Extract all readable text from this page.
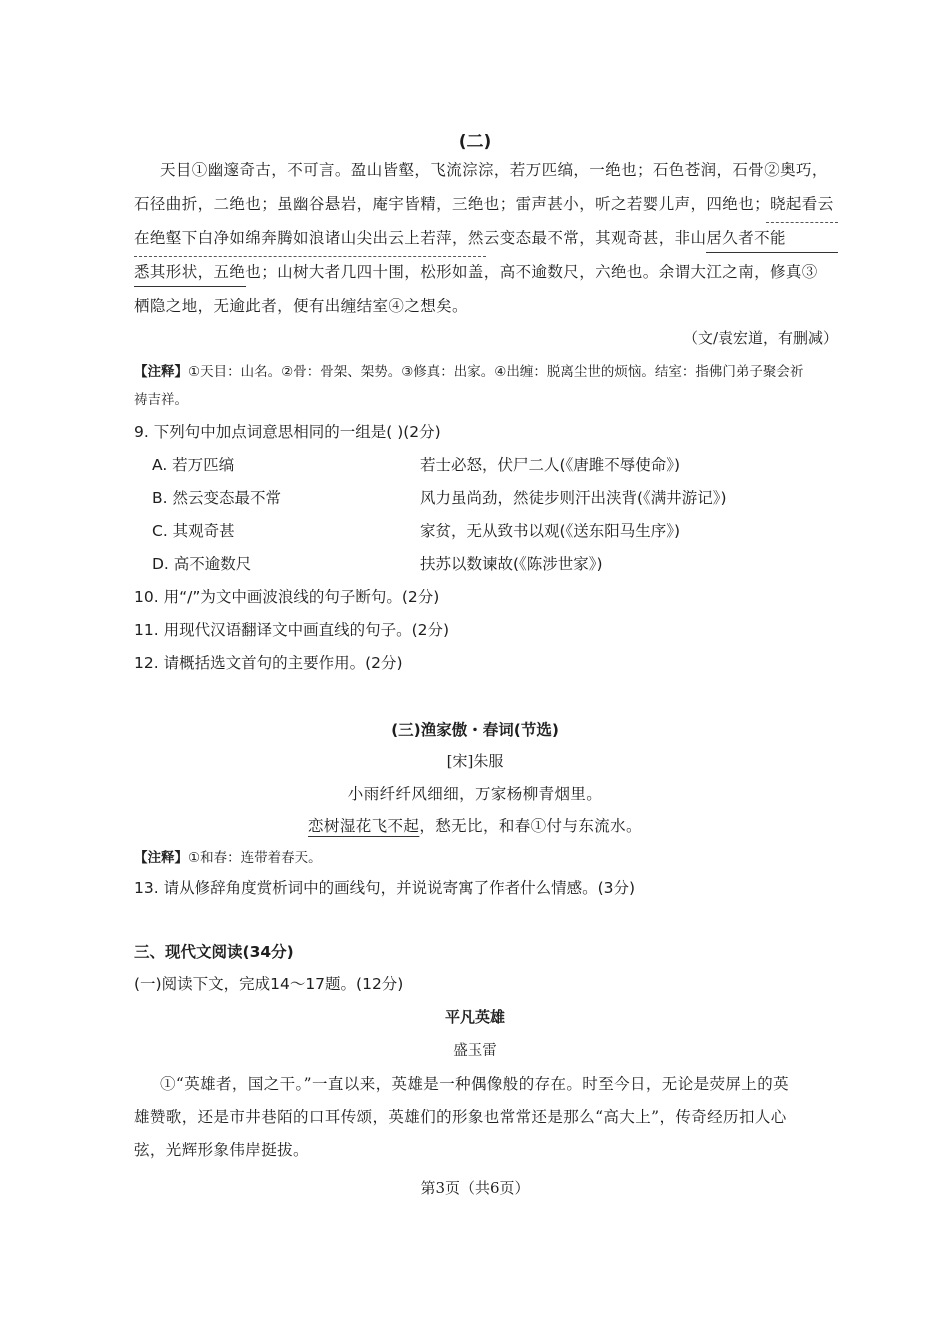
(二)
天目①幽邃奇古，不可言。盈山皆壑，飞流淙淙，若万匹缟，一绝也；石色苍润，石骨②奥巧，
石径曲折，二绝也；虽幽谷悬岩，庵宇皆精，三绝也；雷声甚小，听之若婴儿声，四绝也；晓起看云
在绝壑下白净如绵奔腾如浪诸山尖出云上若萍，然云变态最不常，其观奇甚，非山居久者不能
悉其形状，五绝也；山树大者几四十围，松形如盖，高不逾数尺，六绝也。余谓大江之南，修真③
栖隐之地，无逾此者，便有出缠结室④之想矣。
（文/袁宏道，有删减）
【注释】①天目：山名。②骨：骨架、架势。③修真：出家。④出缠：脱离尘世的烦恼。结室：指佛门弟子聚会祈
祷吉祥。
9. 下列句中加点词意思相同的一组是( )(2分)
A. 若万匹缟	若士必怒，伏尸二人(《唐雎不辱使命》)
B. 然云变态最不常	风力虽尚劲，然徒步则汗出浃背(《满井游记》)
C. 其观奇甚	家贫，无从致书以观(《送东阳马生序》)
D. 高不逾数尺	扶苏以数谏故(《陈涉世家》)
10. 用“/”为文中画波浪线的句子断句。(2分)
11. 用现代汉语翻译文中画直线的句子。(2分)
12. 请概括选文首句的主要作用。(2分)
(三)渔家傲・春词(节选)
[宋]朱服
小雨纤纤风细细，万家杨柳青烟里。
恋树湿花飞不起，愁无比，和春①付与东流水。
【注释】①和春：连带着春天。
13. 请从修辞角度赏析词中的画线句，并说说寄寓了作者什么情感。(3分)
三、现代文阅读(34分)
(一)阅读下文，完成14～17题。(12分)
平凡英雄
盛玉雷
①“英雄者，国之干。”一直以来，英雄是一种偶像般的存在。时至今日，无论是荧屏上的英
雄赞歌，还是市井巷陌的口耳传颂，英雄们的形象也常常还是那么“高大上”，传奇经历扣人心
弦，光辉形象伟岸挺拔。
第3页（共6页）
